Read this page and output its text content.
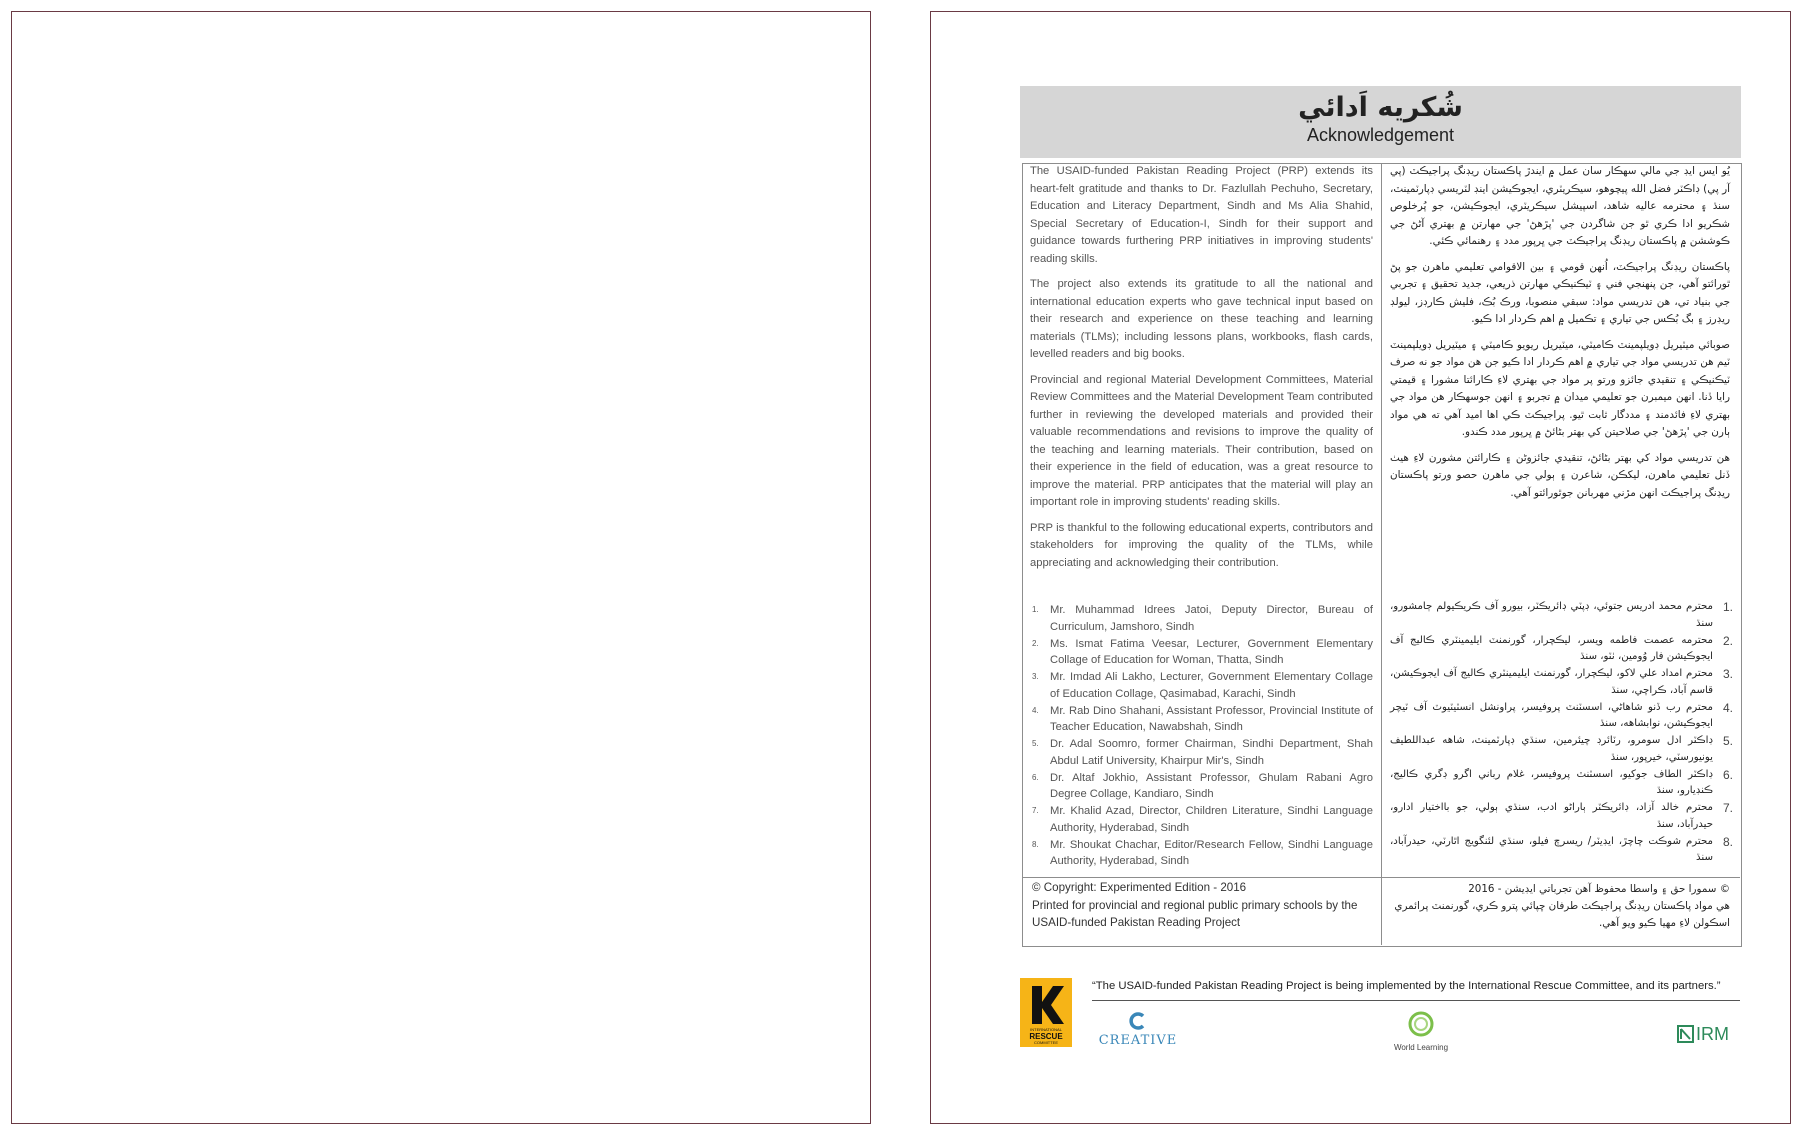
شُکريه اَدائي
Acknowledgement

The USAID-funded Pakistan Reading Project (PRP) extends its heart-felt gratitude and thanks to Dr. Fazlullah Pechuho, Secretary, Education and Literacy Department, Sindh and Ms Alia Shahid, Special Secretary of Education-I, Sindh for their support and guidance towards furthering PRP initiatives in improving students' reading skills.

The project also extends its gratitude to all the national and international education experts who gave technical input based on their research and experience on these teaching and learning materials (TLMs); including lessons plans, workbooks, flash cards, levelled readers and big books.

Provincial and regional Material Development Committees, Material Review Committees and the Material Development Team contributed further in reviewing the developed materials and provided their valuable recommendations and revisions to improve the quality of the teaching and learning materials. Their contribution, based on their experience in the field of education, was a great resource to improve the material. PRP anticipates that the material will play an important role in improving students' reading skills.

PRP is thankful to the following educational experts, contributors and stakeholders for improving the quality of the TLMs, while appreciating and acknowledging their contribution.

يُو ايس ايڊ جي مالي سهڪار سان عمل ۾ ايندڙ پاڪستان ريڊنگ پراجيڪٽ (پي آر پي) ڊاڪٽر فضل الله پيچوهو، سيڪريٽري، ايجوڪيشن اينڊ لٽريسي ڊپارٽمينٽ، سنڌ ۽ محترمه عاليه شاهد، اسپيشل سيڪريٽري، ايجوڪيشن، جو پُرخلوص شڪريو ادا ڪري ٿو جن شاگردن جي 'پڙهڻ' جي مهارتن ۾ بهتري آڻڻ جي ڪوششن ۾ پاڪستان ريڊنگ پراجيڪٽ جي ڀرپور مدد ۽ رهنمائي ڪئي.

پاڪستان ريڊنگ پراجيڪٽ، اُنهن قومي ۽ بين الاقوامي تعليمي ماهرن جو پڻ ٿورائتو آهي، جن پنهنجي فني ۽ ٽيڪنيڪي مهارتن ذريعي، جديد تحقيق ۽ تجربي جي بنياد تي، هن تدريسي مواد: سبقي منصوبا، ورڪ بُڪ، فليش ڪارڊز، ليولڊ ريڊرز ۽ بگ بُڪس جي تياري ۽ تڪميل ۾ اهم ڪردار ادا ڪيو.

صوبائي ميٽيريل ڊويلپمينٽ ڪاميٽي، ميٽيريل ريويو ڪاميٽي ۽ ميٽيريل ڊويلپمينٽ ٽيم هن تدريسي مواد جي تياري ۾ اهم ڪردار ادا ڪيو جن هن مواد جو نه صرف ٽيڪنيڪي ۽ تنقيدي جائزو ورتو پر مواد جي بهتري لاءِ ڪارائتا مشورا ۽ قيمتي رايا ڏنا. انهن ميمبرن جو تعليمي ميدان ۾ تجربو ۽ انهن جوسهڪار هن مواد جي بهتري لاءِ فائدمند ۽ مددگار ثابت ٿيو. پراجيڪٽ ڪي اها اميد آهي ته هي مواد ٻارن جي 'پڙهڻ' جي صلاحيتن کي بهتر بڻائڻ ۾ ڀرپور مدد ڪندو.

هن تدريسي مواد کي بهتر بڻائڻ، تنقيدي جائزوڻن ۽ ڪارائتن مشورن لاءِ هيٺ ڏنل تعليمي ماهرن، ليکڪن، شاعرن ۽ ٻولي جي ماهرن حصو ورتو پاڪستان ريڊنگ پراجيڪٽ انهن مڙني مهربانن جوٿورائتو آهي.

1. Mr. Muhammad Idrees Jatoi, Deputy Director, Bureau of Curriculum, Jamshoro, Sindh
2. Ms. Ismat Fatima Veesar, Lecturer, Government Elementary Collage of Education for Woman, Thatta, Sindh
3. Mr. Imdad Ali Lakho, Lecturer, Government Elementary Collage of Education Collage, Qasimabad, Karachi, Sindh
4. Mr. Rab Dino Shahani, Assistant Professor, Provincial Institute of Teacher Education, Nawabshah, Sindh
5. Dr. Adal Soomro, former Chairman, Sindhi Department, Shah Abdul Latif University, Khairpur Mir's, Sindh
6. Dr. Altaf Jokhio, Assistant Professor, Ghulam Rabani Agro Degree Collage, Kandiaro, Sindh
7. Mr. Khalid Azad, Director, Children Literature, Sindhi Language Authority, Hyderabad, Sindh
8. Mr. Shoukat Chachar, Editor/Research Fellow, Sindhi Language Authority, Hyderabad, Sindh
.1
محترم محمد ادريس جتوئي، ڊپٽي ڊائريڪٽر، بيورو آف ڪريڪيولم ڄامشورو، سنڌ
.2
محترمه عصمت فاطمه ويسر، ليڪچرار، گورنمنٽ ايليمينٽري ڪاليج آف ايجوڪيشن فار وُومين، ٺٽو، سنڌ
.3
محترم امداد علي لاکو، ليڪچرار، گورنمنٽ ايليمينٽري ڪاليج آف ايجوڪيشن، قاسم آباد، ڪراچي، سنڌ
.4
محترم رب ڏنو شاهاڻي، اسسٽنٽ پروفيسر، پراونشل انسٽيٽيوٽ آف ٽيچر ايجوڪيشن، نوابشاهه، سنڌ
.5
ڊاڪٽر ادل سومرو، رٽائرڊ چيئرمين، سنڌي ڊپارٽمينٽ، شاهه عبداللطيف يونيورسٽي، خيرپور، سنڌ
.6
ڊاڪٽر الطاف جوکيو، اسسٽنٽ پروفيسر، غلام رباني اگرو ڊگري ڪاليج، ڪنڊيارو، سنڌ
.7
محترم خالد آزاد، ڊائريڪٽر ٻاراڻو ادب، سنڌي ٻولي، جو بااختيار ادارو، حيدرآباد، سنڌ
.8
محترم شوڪت چاچڙ، ايڊيٽر/ ريسرچ فيلو، سنڌي لئنگويج اٿارٽي، حيدرآباد، سنڌ
© Copyright: Experimented Edition - 2016
Printed for provincial and regional public primary schools by the USAID-funded Pakistan Reading Project
© سمورا حق ۽ واسطا محفوظ آهن تجرباتي ايڊيشن - 2016
هي مواد پاڪستان ريڊنگ پراجيڪٽ طرفان ڇپائي پترو ڪري، گورنمنٽ پرائمري اسڪولن لاءِ مهيا ڪيو ويو آهي.
“The USAID-funded Pakistan Reading Project is being implemented by the International Rescue Committee, and its partners.”
INTERNATIONAL
RESCUE
COMMITTEE	CREATIVE	World Learning
IRM
